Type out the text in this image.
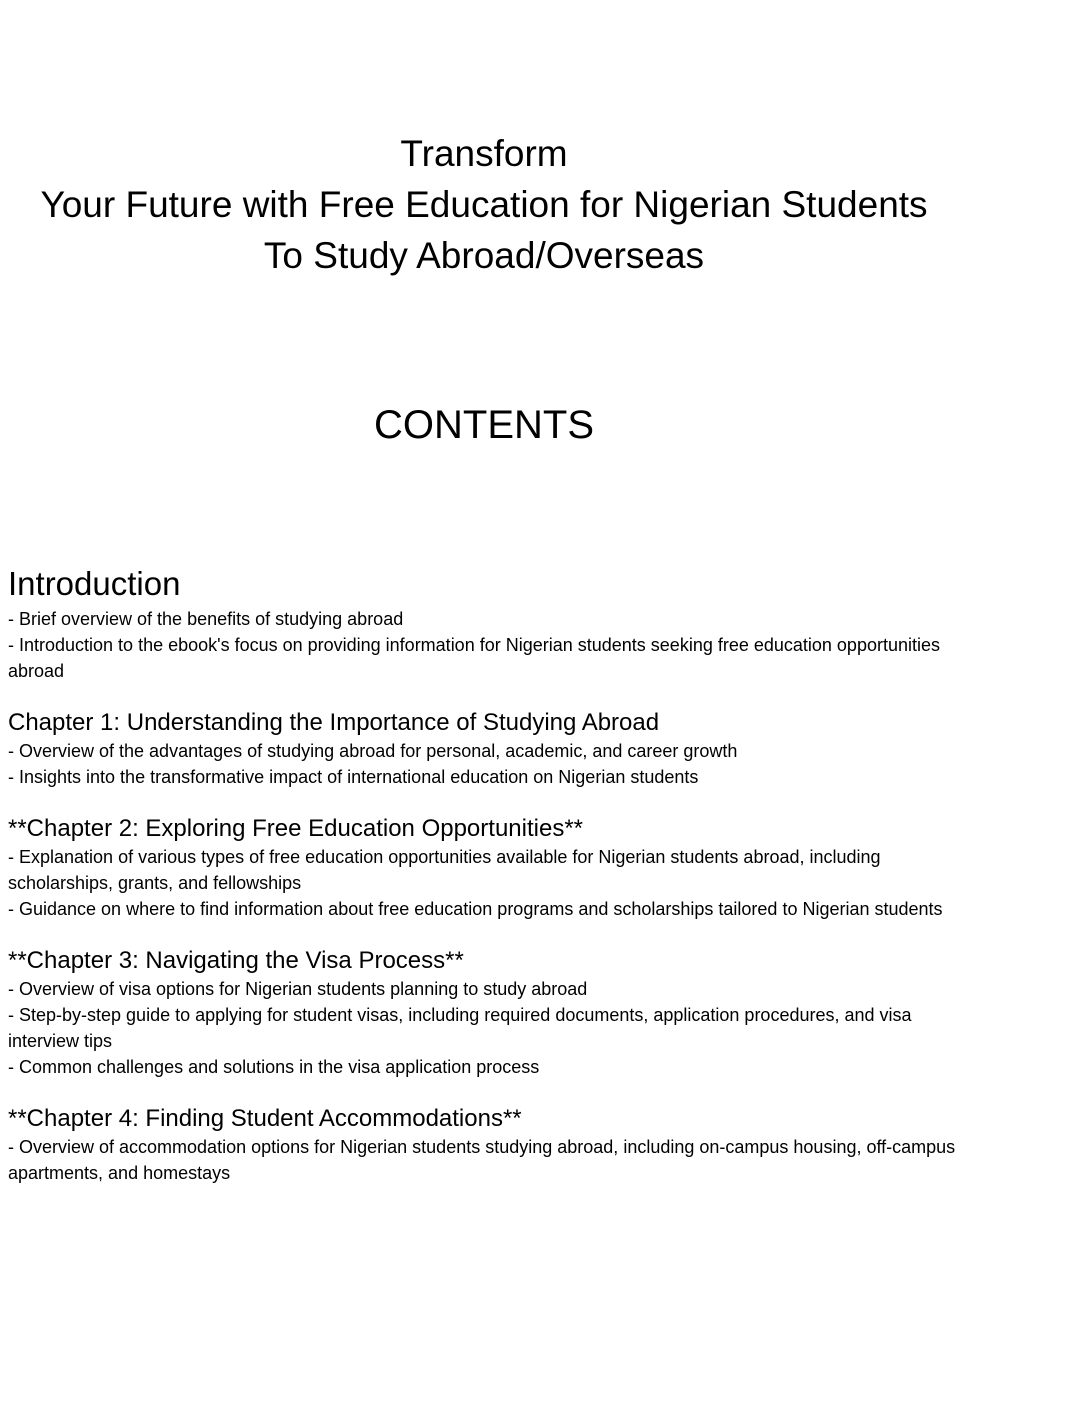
Transform
Your Future with Free Education for Nigerian Students
To Study Abroad/Overseas
CONTENTS
Introduction

- Brief overview of the benefits of studying abroad

- Introduction to the ebook's focus on providing information for Nigerian students seeking free education opportunities abroad

Chapter 1: Understanding the Importance of Studying Abroad

- Overview of the advantages of studying abroad for personal, academic, and career growth

- Insights into the transformative impact of international education on Nigerian students

**Chapter 2: Exploring Free Education Opportunities**

- Explanation of various types of free education opportunities available for Nigerian students abroad, including scholarships, grants, and fellowships

- Guidance on where to find information about free education programs and scholarships tailored to Nigerian students

**Chapter 3: Navigating the Visa Process**

- Overview of visa options for Nigerian students planning to study abroad

- Step-by-step guide to applying for student visas, including required documents, application procedures, and visa interview tips

- Common challenges and solutions in the visa application process

**Chapter 4: Finding Student Accommodations**

- Overview of accommodation options for Nigerian students studying abroad, including on-campus housing, off-campus apartments, and homestays
